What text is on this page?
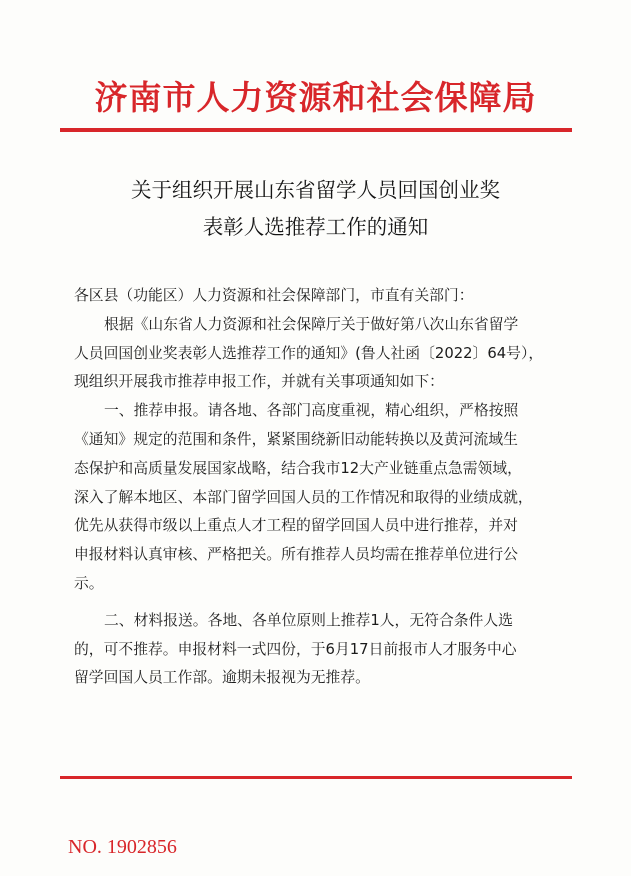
济南市人力资源和社会保障局
关于组织开展山东省留学人员回国创业奖
表彰人选推荐工作的通知
各区县（功能区）人力资源和社会保障部门，市直有关部门：
根据《山东省人力资源和社会保障厅关于做好第八次山东省留学
人员回国创业奖表彰人选推荐工作的通知》(鲁人社函〔2022〕64号），
现组织开展我市推荐申报工作，并就有关事项通知如下：
一、推荐申报。请各地、各部门高度重视，精心组织，严格按照
《通知》规定的范围和条件，紧紧围绕新旧动能转换以及黄河流域生
态保护和高质量发展国家战略，结合我市12大产业链重点急需领域，
深入了解本地区、本部门留学回国人员的工作情况和取得的业绩成就，
优先从获得市级以上重点人才工程的留学回国人员中进行推荐，并对
申报材料认真审核、严格把关。所有推荐人员均需在推荐单位进行公
示。
二、材料报送。各地、各单位原则上推荐1人，无符合条件人选
的，可不推荐。申报材料一式四份，于6月17日前报市人才服务中心
留学回国人员工作部。逾期未报视为无推荐。
NO. 1902856
